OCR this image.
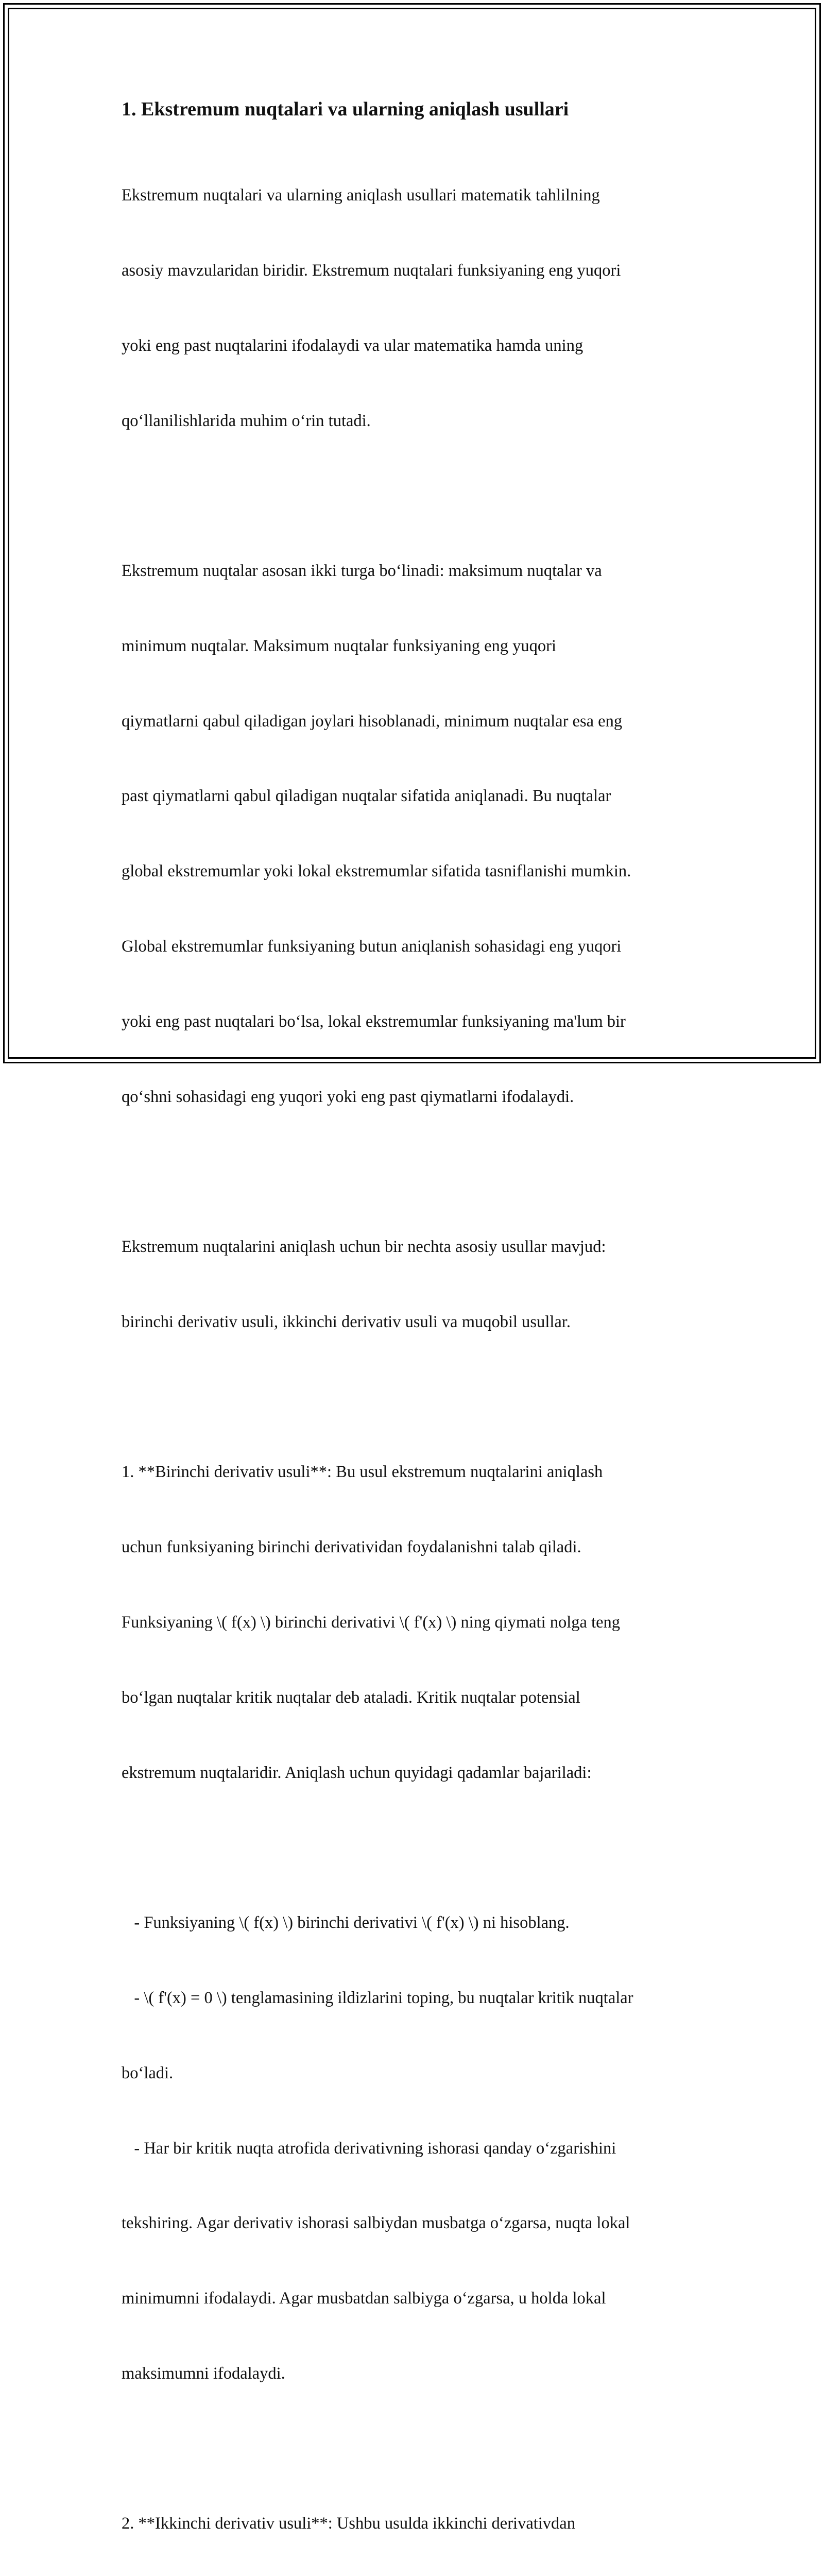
1. Ekstremum nuqtalari va ularning aniqlash usullari

Ekstremum nuqtalari va ularning aniqlash usullari matematik tahlilning

asosiy mavzularidan biridir. Ekstremum nuqtalari funksiyaning eng yuqori

yoki eng past nuqtalarini ifodalaydi va ular matematika hamda uning

qo‘llanilishlarida muhim o‘rin tutadi.

Ekstremum nuqtalar asosan ikki turga bo‘linadi: maksimum nuqtalar va

minimum nuqtalar. Maksimum nuqtalar funksiyaning eng yuqori

qiymatlarni qabul qiladigan joylari hisoblanadi, minimum nuqtalar esa eng

past qiymatlarni qabul qiladigan nuqtalar sifatida aniqlanadi. Bu nuqtalar

global ekstremumlar yoki lokal ekstremumlar sifatida tasniflanishi mumkin.

Global ekstremumlar funksiyaning butun aniqlanish sohasidagi eng yuqori

yoki eng past nuqtalari bo‘lsa, lokal ekstremumlar funksiyaning ma'lum bir

qo‘shni sohasidagi eng yuqori yoki eng past qiymatlarni ifodalaydi.

Ekstremum nuqtalarini aniqlash uchun bir nechta asosiy usullar mavjud:

birinchi derivativ usuli, ikkinchi derivativ usuli va muqobil usullar.

1. **Birinchi derivativ usuli**: Bu usul ekstremum nuqtalarini aniqlash

uchun funksiyaning birinchi derivatividan foydalanishni talab qiladi.

Funksiyaning \( f(x) \) birinchi derivativi \( f'(x) \) ning qiymati nolga teng

bo‘lgan nuqtalar kritik nuqtalar deb ataladi. Kritik nuqtalar potensial

ekstremum nuqtalaridir. Aniqlash uchun quyidagi qadamlar bajariladi:

- Funksiyaning \( f(x) \) birinchi derivativi \( f'(x) \) ni hisoblang.

- \( f'(x) = 0 \) tenglamasining ildizlarini toping, bu nuqtalar kritik nuqtalar

bo‘ladi.

- Har bir kritik nuqta atrofida derivativning ishorasi qanday o‘zgarishini

tekshiring. Agar derivativ ishorasi salbiydan musbatga o‘zgarsa, nuqta lokal

minimumni ifodalaydi. Agar musbatdan salbiyga o‘zgarsa, u holda lokal

maksimumni ifodalaydi.

2. **Ikkinchi derivativ usuli**: Ushbu usulda ikkinchi derivativdan
